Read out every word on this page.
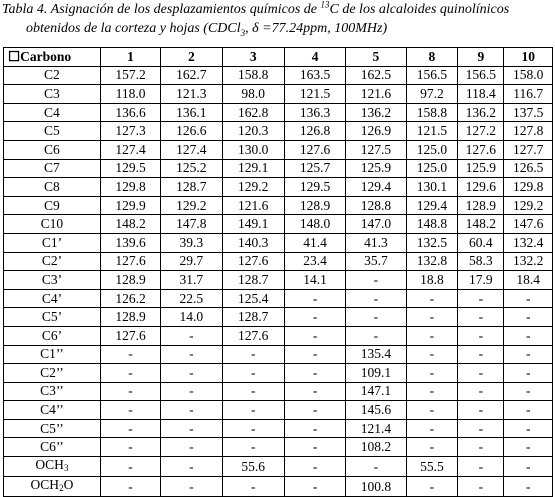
Tabla 4. Asignación de los desplazamientos químicos de $^{13}$C de los alcaloides quinolínicos
obtenidos de la corteza y hojas (CDCl$_3$, δ =77.24ppm, 100MHz)
☐Carbono	1	2	3	4	5	8	9	10
C2	157.2	162.7	158.8	163.5	162.5	156.5	156.5	158.0
C3	118.0	121.3	98.0	121.5	121.6	97.2	118.4	116.7
C4	136.6	136.1	162.8	136.3	136.2	158.8	136.2	137.5
C5	127.3	126.6	120.3	126.8	126.9	121.5	127.2	127.8
C6	127.4	127.4	130.0	127.6	127.5	125.0	127.6	127.7
C7	129.5	125.2	129.1	125.7	125.9	125.0	125.9	126.5
C8	129.8	128.7	129.2	129.5	129.4	130.1	129.6	129.8
C9	129.9	129.2	121.6	128.9	128.8	129.4	128.9	129.2
C10	148.2	147.8	149.1	148.0	147.0	148.8	148.2	147.6
C1’	139.6	39.3	140.3	41.4	41.3	132.5	60.4	132.4
C2’	127.6	29.7	127.6	23.4	35.7	132.8	58.3	132.2
C3’	128.9	31.7	128.7	14.1	-	18.8	17.9	18.4
C4’	126.2	22.5	125.4	-	-	-	-	-
C5’	128.9	14.0	128.7	-	-	-	-	-
C6’	127.6	-	127.6	-	-	-	-	-
C1’’	-	-	-	-	135.4	-	-	-
C2’’	-	-	-	-	109.1	-	-	-
C3’’	-	-	-	-	147.1	-	-	-
C4’’	-	-	-	-	145.6	-	-	-
C5’’	-	-	-	-	121.4	-	-	-
C6’’	-	-	-	-	108.2	-	-	-
$OCH_3$	-	-	55.6	-	-	55.5	-	-
$OCH_2O$	-	-	-	-	100.8	-	-	-
